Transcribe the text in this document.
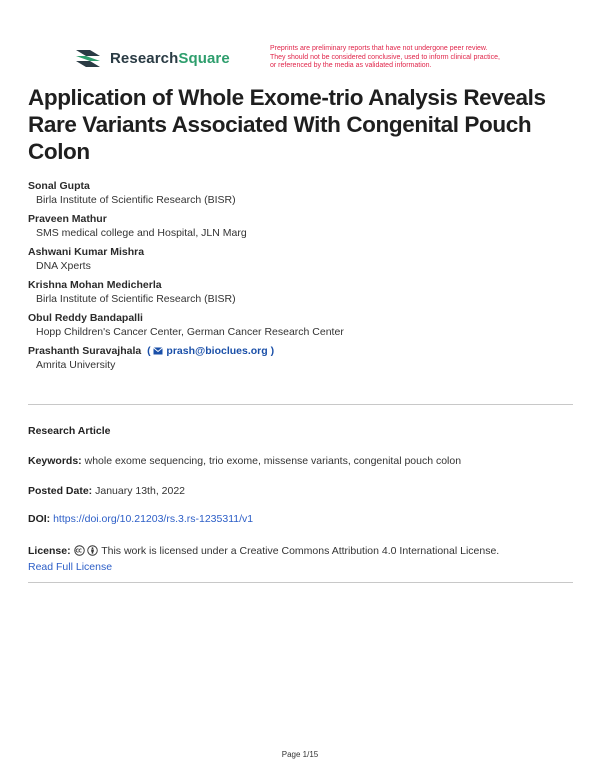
ResearchSquare
Preprints are preliminary reports that have not undergone peer review.
They should not be considered conclusive, used to inform clinical practice,
or referenced by the media as validated information.
Application of Whole Exome-trio Analysis Reveals Rare Variants Associated With Congenital Pouch Colon
Sonal Gupta
Birla Institute of Scientific Research (BISR)
Praveen Mathur
SMS medical college and Hospital, JLN Marg
Ashwani Kumar Mishra
DNA Xperts
Krishna Mohan Medicherla
Birla Institute of Scientific Research (BISR)
Obul Reddy Bandapalli
Hopp Children's Cancer Center, German Cancer Research Center
Prashanth Suravajhala ( prash@bioclues.org )
Amrita University
Research Article
Keywords: whole exome sequencing, trio exome, missense variants, congenital pouch colon
Posted Date: January 13th, 2022
DOI: https://doi.org/10.21203/rs.3.rs-1235311/v1
License:	This work is licensed under a Creative Commons Attribution 4.0 International License.
Read Full License
Page 1/15
